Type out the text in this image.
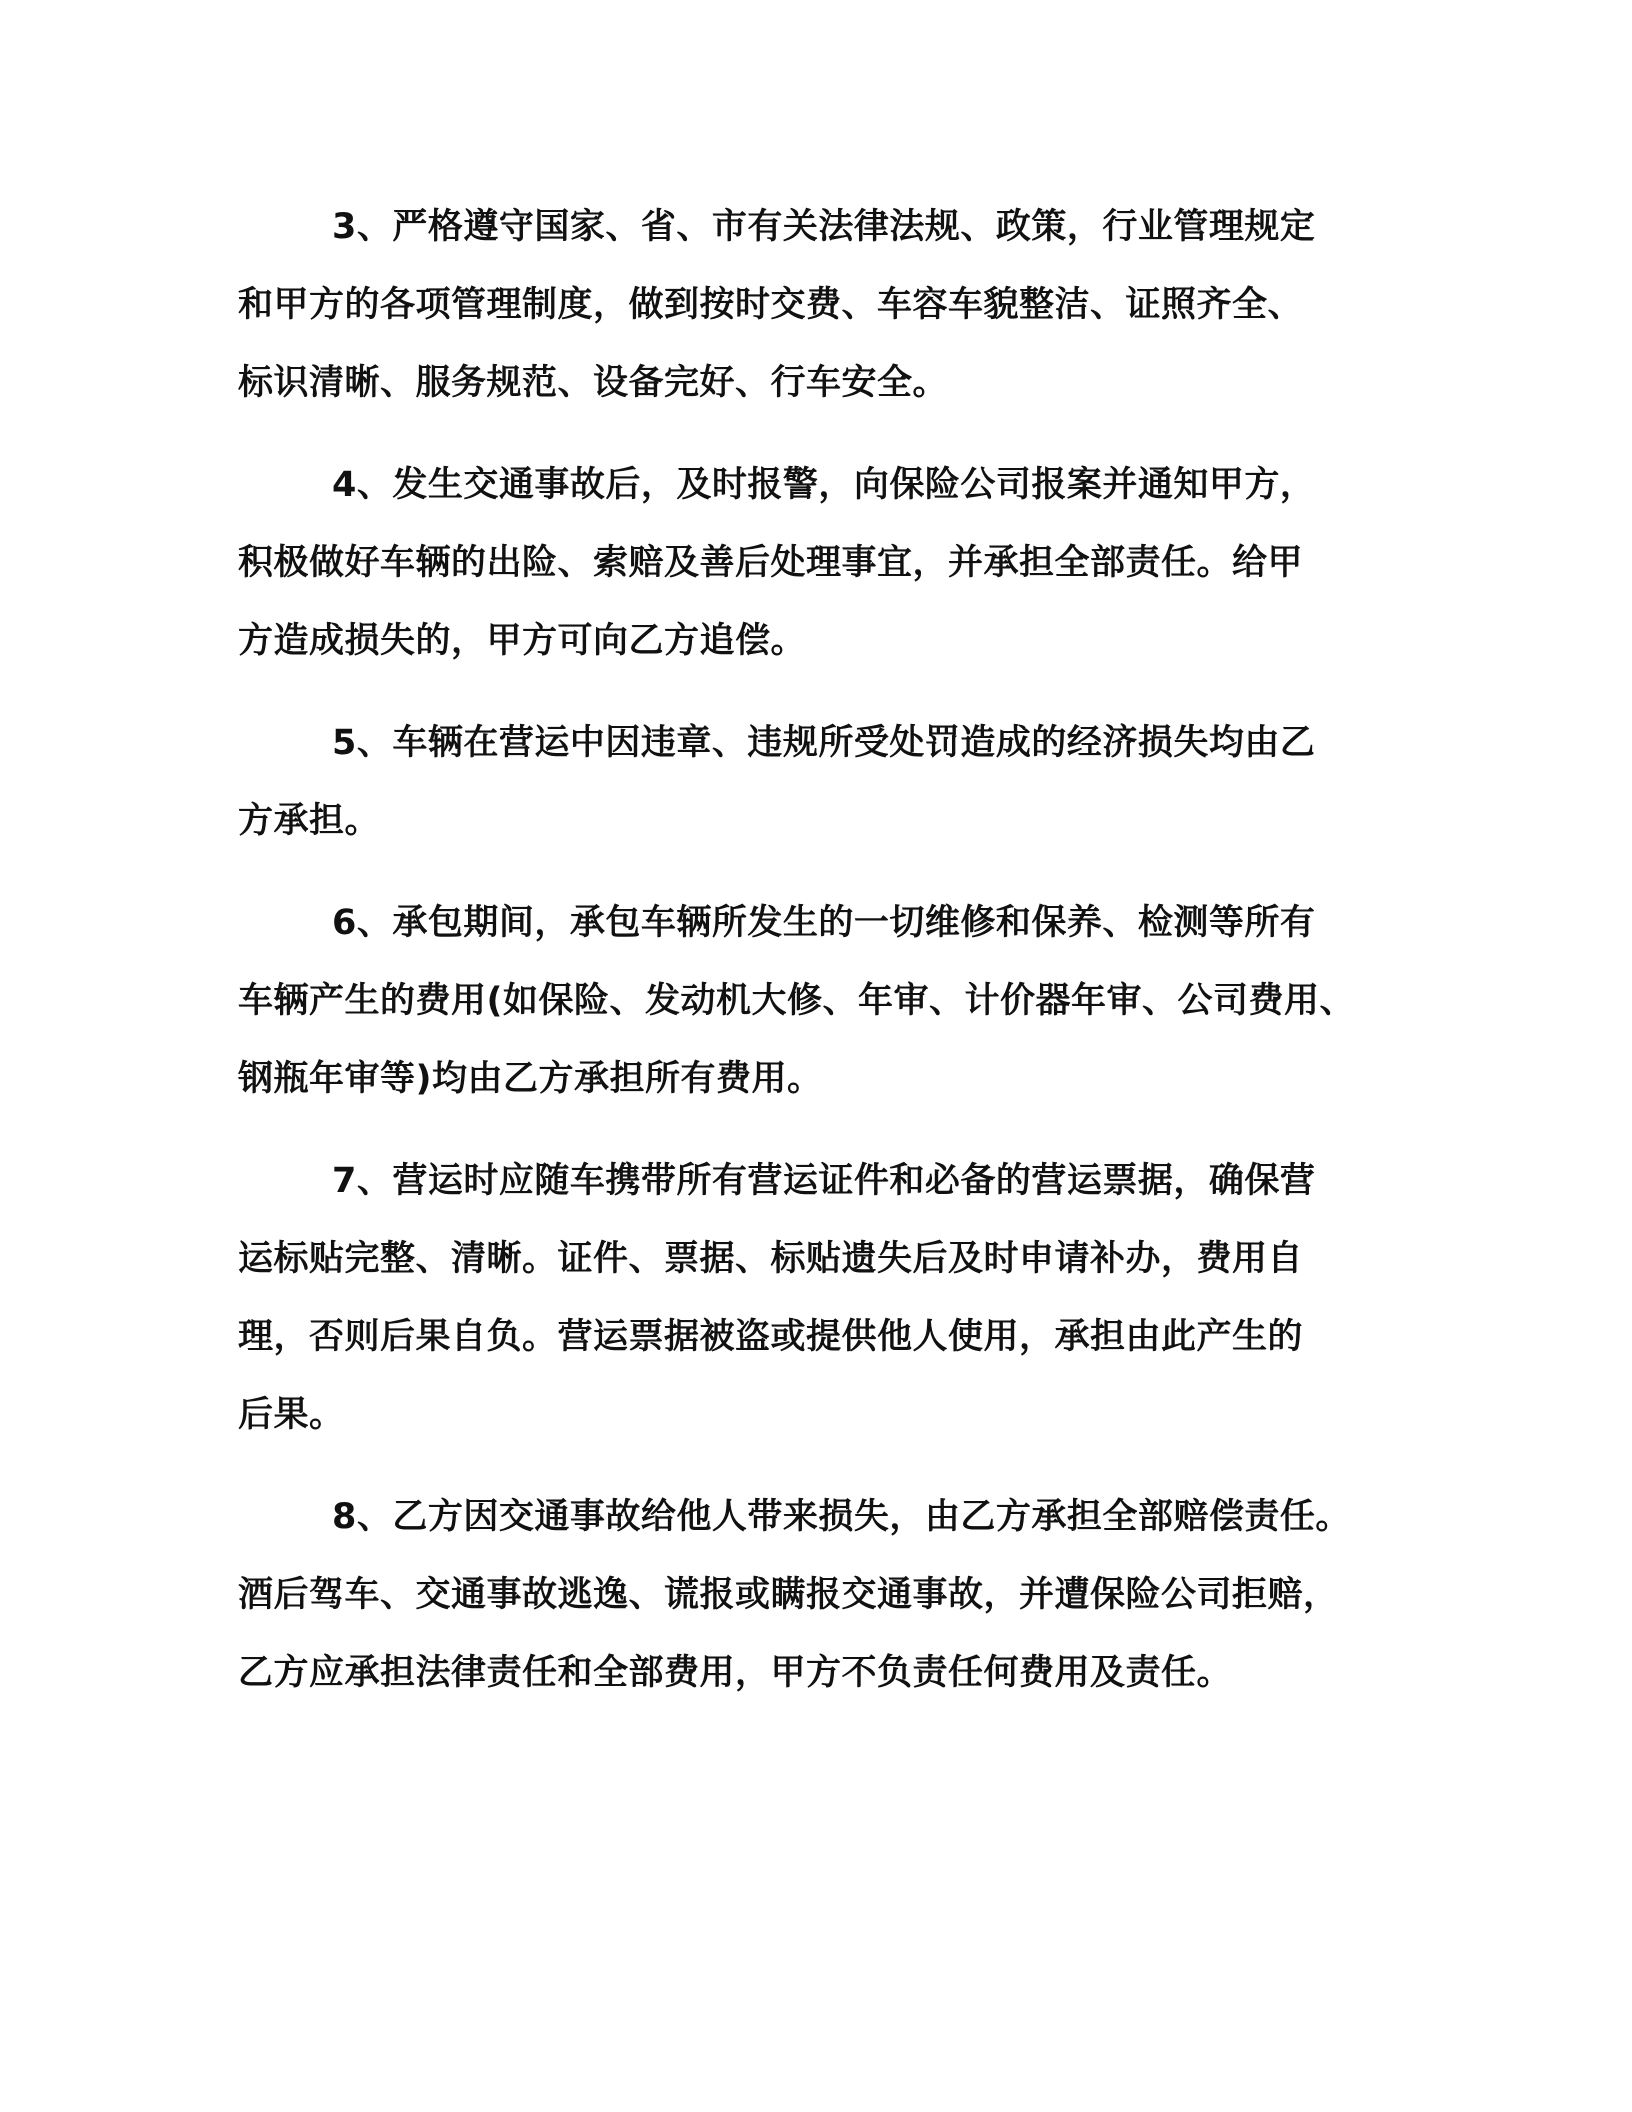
3、严格遵守国家、省、市有关法律法规、政策，行业管理规定
和甲方的各项管理制度，做到按时交费、车容车貌整洁、证照齐全、
标识清晰、服务规范、设备完好、行车安全。
4、发生交通事故后，及时报警，向保险公司报案并通知甲方，
积极做好车辆的出险、索赔及善后处理事宜，并承担全部责任。给甲
方造成损失的，甲方可向乙方追偿。
5、车辆在营运中因违章、违规所受处罚造成的经济损失均由乙
方承担。
6、承包期间，承包车辆所发生的一切维修和保养、检测等所有
车辆产生的费用(如保险、发动机大修、年审、计价器年审、公司费用、
钢瓶年审等)均由乙方承担所有费用。
7、营运时应随车携带所有营运证件和必备的营运票据，确保营
运标贴完整、清晰。证件、票据、标贴遗失后及时申请补办，费用自
理，否则后果自负。营运票据被盗或提供他人使用，承担由此产生的
后果。
8、乙方因交通事故给他人带来损失，由乙方承担全部赔偿责任。
酒后驾车、交通事故逃逸、谎报或瞒报交通事故，并遭保险公司拒赔，
乙方应承担法律责任和全部费用，甲方不负责任何费用及责任。
